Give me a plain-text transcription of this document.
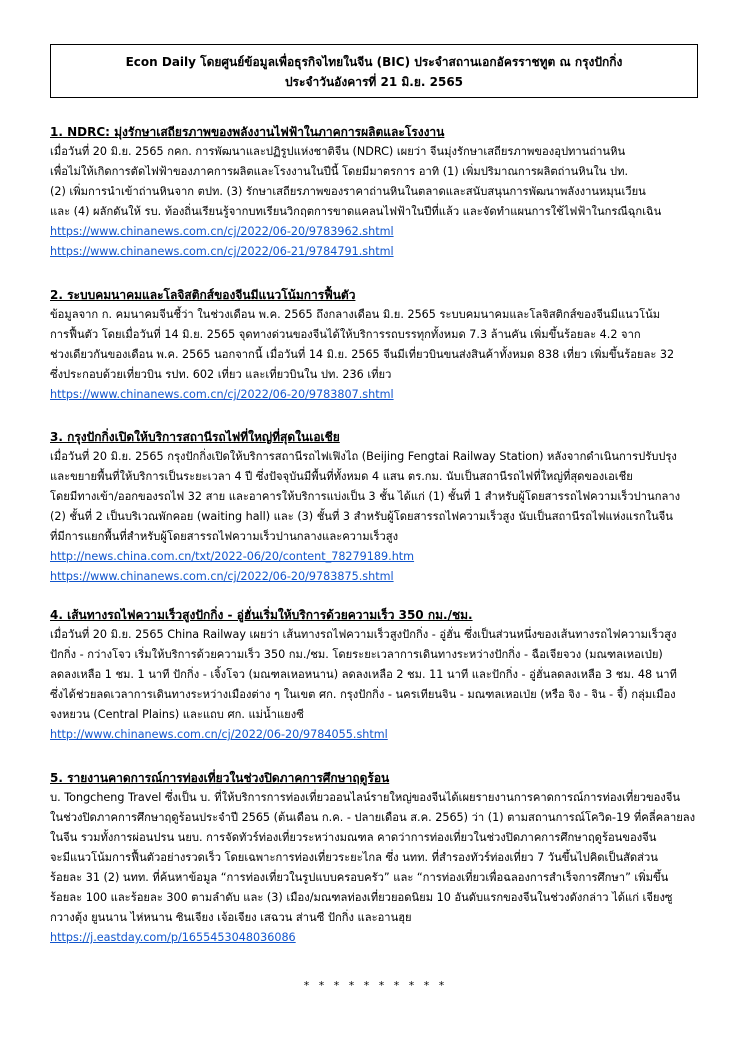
Econ Daily โดยศูนย์ข้อมูลเพื่อธุรกิจไทยในจีน (BIC) ประจำสถานเอกอัครราชทูต ณ กรุงปักกิ่ง
ประจำวันอังคารที่ 21 มิ.ย. 2565
1. NDRC: มุ่งรักษาเสถียรภาพของพลังงานไฟฟ้าในภาคการผลิตและโรงงาน
เมื่อวันที่ 20 มิ.ย. 2565 กคก. การพัฒนาและปฏิรูปแห่งชาติจีน (NDRC) เผยว่า จีนมุ่งรักษาเสถียรภาพของอุปทานถ่านหิน
เพื่อไม่ให้เกิดการตัดไฟฟ้าของภาคการผลิตและโรงงานในปีนี้ โดยมีมาตรการ อาทิ (1) เพิ่มปริมาณการผลิตถ่านหินใน ปท.
(2) เพิ่มการนำเข้าถ่านหินจาก ตปท. (3) รักษาเสถียรภาพของราคาถ่านหินในตลาดและสนับสนุนการพัฒนาพลังงานหมุนเวียน
และ (4) ผลักดันให้ รบ. ท้องถิ่นเรียนรู้จากบทเรียนวิกฤตการขาดแคลนไฟฟ้าในปีที่แล้ว และจัดทำแผนการใช้ไฟฟ้าในกรณีฉุกเฉิน
https://www.chinanews.com.cn/cj/2022/06-20/9783962.shtml
https://www.chinanews.com.cn/cj/2022/06-21/9784791.shtml
2. ระบบคมนาคมและโลจิสติกส์ของจีนมีแนวโน้มการฟื้นตัว
ข้อมูลจาก ก. คมนาคมจีนชี้ว่า ในช่วงเดือน พ.ค. 2565 ถึงกลางเดือน มิ.ย. 2565 ระบบคมนาคมและโลจิสติกส์ของจีนมีแนวโน้ม
การฟื้นตัว โดยเมื่อวันที่ 14 มิ.ย. 2565 จุดทางด่วนของจีนได้ให้บริการรถบรรทุกทั้งหมด 7.3 ล้านคัน เพิ่มขึ้นร้อยละ 4.2 จาก
ช่วงเดียวกันของเดือน พ.ค. 2565 นอกจากนี้ เมื่อวันที่ 14 มิ.ย. 2565 จีนมีเที่ยวบินขนส่งสินค้าทั้งหมด 838 เที่ยว เพิ่มขึ้นร้อยละ 32
ซึ่งประกอบด้วยเที่ยวบิน รปท. 602 เที่ยว และเที่ยวบินใน ปท. 236 เที่ยว
https://www.chinanews.com.cn/cj/2022/06-20/9783807.shtml
3. กรุงปักกิ่งเปิดให้บริการสถานีรถไฟที่ใหญ่ที่สุดในเอเชีย
เมื่อวันที่ 20 มิ.ย. 2565 กรุงปักกิ่งเปิดให้บริการสถานีรถไฟเฟิงไถ (Beijing Fengtai Railway Station) หลังจากดำเนินการปรับปรุง
และขยายพื้นที่ให้บริการเป็นระยะเวลา 4 ปี ซึ่งปัจจุบันมีพื้นที่ทั้งหมด 4 แสน ตร.กม. นับเป็นสถานีรถไฟที่ใหญ่ที่สุดของเอเชีย
โดยมีทางเข้า/ออกของรถไฟ 32 สาย และอาคารให้บริการแบ่งเป็น 3 ชั้น ได้แก่ (1) ชั้นที่ 1 สำหรับผู้โดยสารรถไฟความเร็วปานกลาง
(2) ชั้นที่ 2 เป็นบริเวณพักคอย (waiting hall) และ (3) ชั้นที่ 3 สำหรับผู้โดยสารรถไฟความเร็วสูง นับเป็นสถานีรถไฟแห่งแรกในจีน
ที่มีการแยกพื้นที่สำหรับผู้โดยสารรถไฟความเร็วปานกลางและความเร็วสูง
http://news.china.com.cn/txt/2022-06/20/content_78279189.htm
https://www.chinanews.com.cn/cj/2022/06-20/9783875.shtml
4. เส้นทางรถไฟความเร็วสูงปักกิ่ง - อู่ฮั่นเริ่มให้บริการด้วยความเร็ว 350 กม./ชม.
เมื่อวันที่ 20 มิ.ย. 2565 China Railway เผยว่า เส้นทางรถไฟความเร็วสูงปักกิ่ง - อู่ฮั่น ซึ่งเป็นส่วนหนึ่งของเส้นทางรถไฟความเร็วสูง
ปักกิ่ง - กว่างโจว เริ่มให้บริการด้วยความเร็ว 350 กม./ชม. โดยระยะเวลาการเดินทางระหว่างปักกิ่ง - ฉือเจียจวง (มณฑลเหอเป่ย)
ลดลงเหลือ 1 ชม. 1 นาที ปักกิ่ง - เจิ้งโจว (มณฑลเหอหนาน) ลดลงเหลือ 2 ชม. 11 นาที และปักกิ่ง - อู่ฮั่นลดลงเหลือ 3 ชม. 48 นาที
ซึ่งได้ช่วยลดเวลาการเดินทางระหว่างเมืองต่าง ๆ ในเขต ศก. กรุงปักกิ่ง - นครเทียนจิน - มณฑลเหอเป่ย (หรือ จิง - จิน - จี้) กลุ่มเมือง
จงหยวน (Central Plains) และแถบ ศก. แม่น้ำแยงซี
http://www.chinanews.com.cn/cj/2022/06-20/9784055.shtml
5. รายงานคาดการณ์การท่องเที่ยวในช่วงปิดภาคการศึกษาฤดูร้อน
บ. Tongcheng Travel ซึ่งเป็น บ. ที่ให้บริการการท่องเที่ยวออนไลน์รายใหญ่ของจีนได้เผยรายงานการคาดการณ์การท่องเที่ยวของจีน
ในช่วงปิดภาคการศึกษาฤดูร้อนประจำปี 2565 (ต้นเดือน ก.ค. - ปลายเดือน ส.ค. 2565) ว่า (1) ตามสถานการณ์โควิด-19 ที่คลี่คลายลง
ในจีน รวมทั้งการผ่อนปรน นยบ. การจัดทัวร์ท่องเที่ยวระหว่างมณฑล คาดว่าการท่องเที่ยวในช่วงปิดภาคการศึกษาฤดูร้อนของจีน
จะมีแนวโน้มการฟื้นตัวอย่างรวดเร็ว โดยเฉพาะการท่องเที่ยวระยะไกล ซึ่ง นทท. ที่สำรองทัวร์ท่องเที่ยว 7 วันขึ้นไปคิดเป็นสัดส่วน
ร้อยละ 31 (2) นทท. ที่ค้นหาข้อมูล “การท่องเที่ยวในรูปแบบครอบครัว” และ “การท่องเที่ยวเพื่อฉลองการสำเร็จการศึกษา” เพิ่มขึ้น
ร้อยละ 100 และร้อยละ 300 ตามลำดับ และ (3) เมือง/มณฑลท่องเที่ยวยอดนิยม 10 อันดับแรกของจีนในช่วงดังกล่าว ได้แก่ เจียงซู
กวางตุ้ง ยูนนาน ไห่หนาน ซินเจียง เจ้อเจียง เสฉวน ส่านซี ปักกิ่ง และอานฮุย
https://j.eastday.com/p/1655453048036086
* * * * * * * * * *
